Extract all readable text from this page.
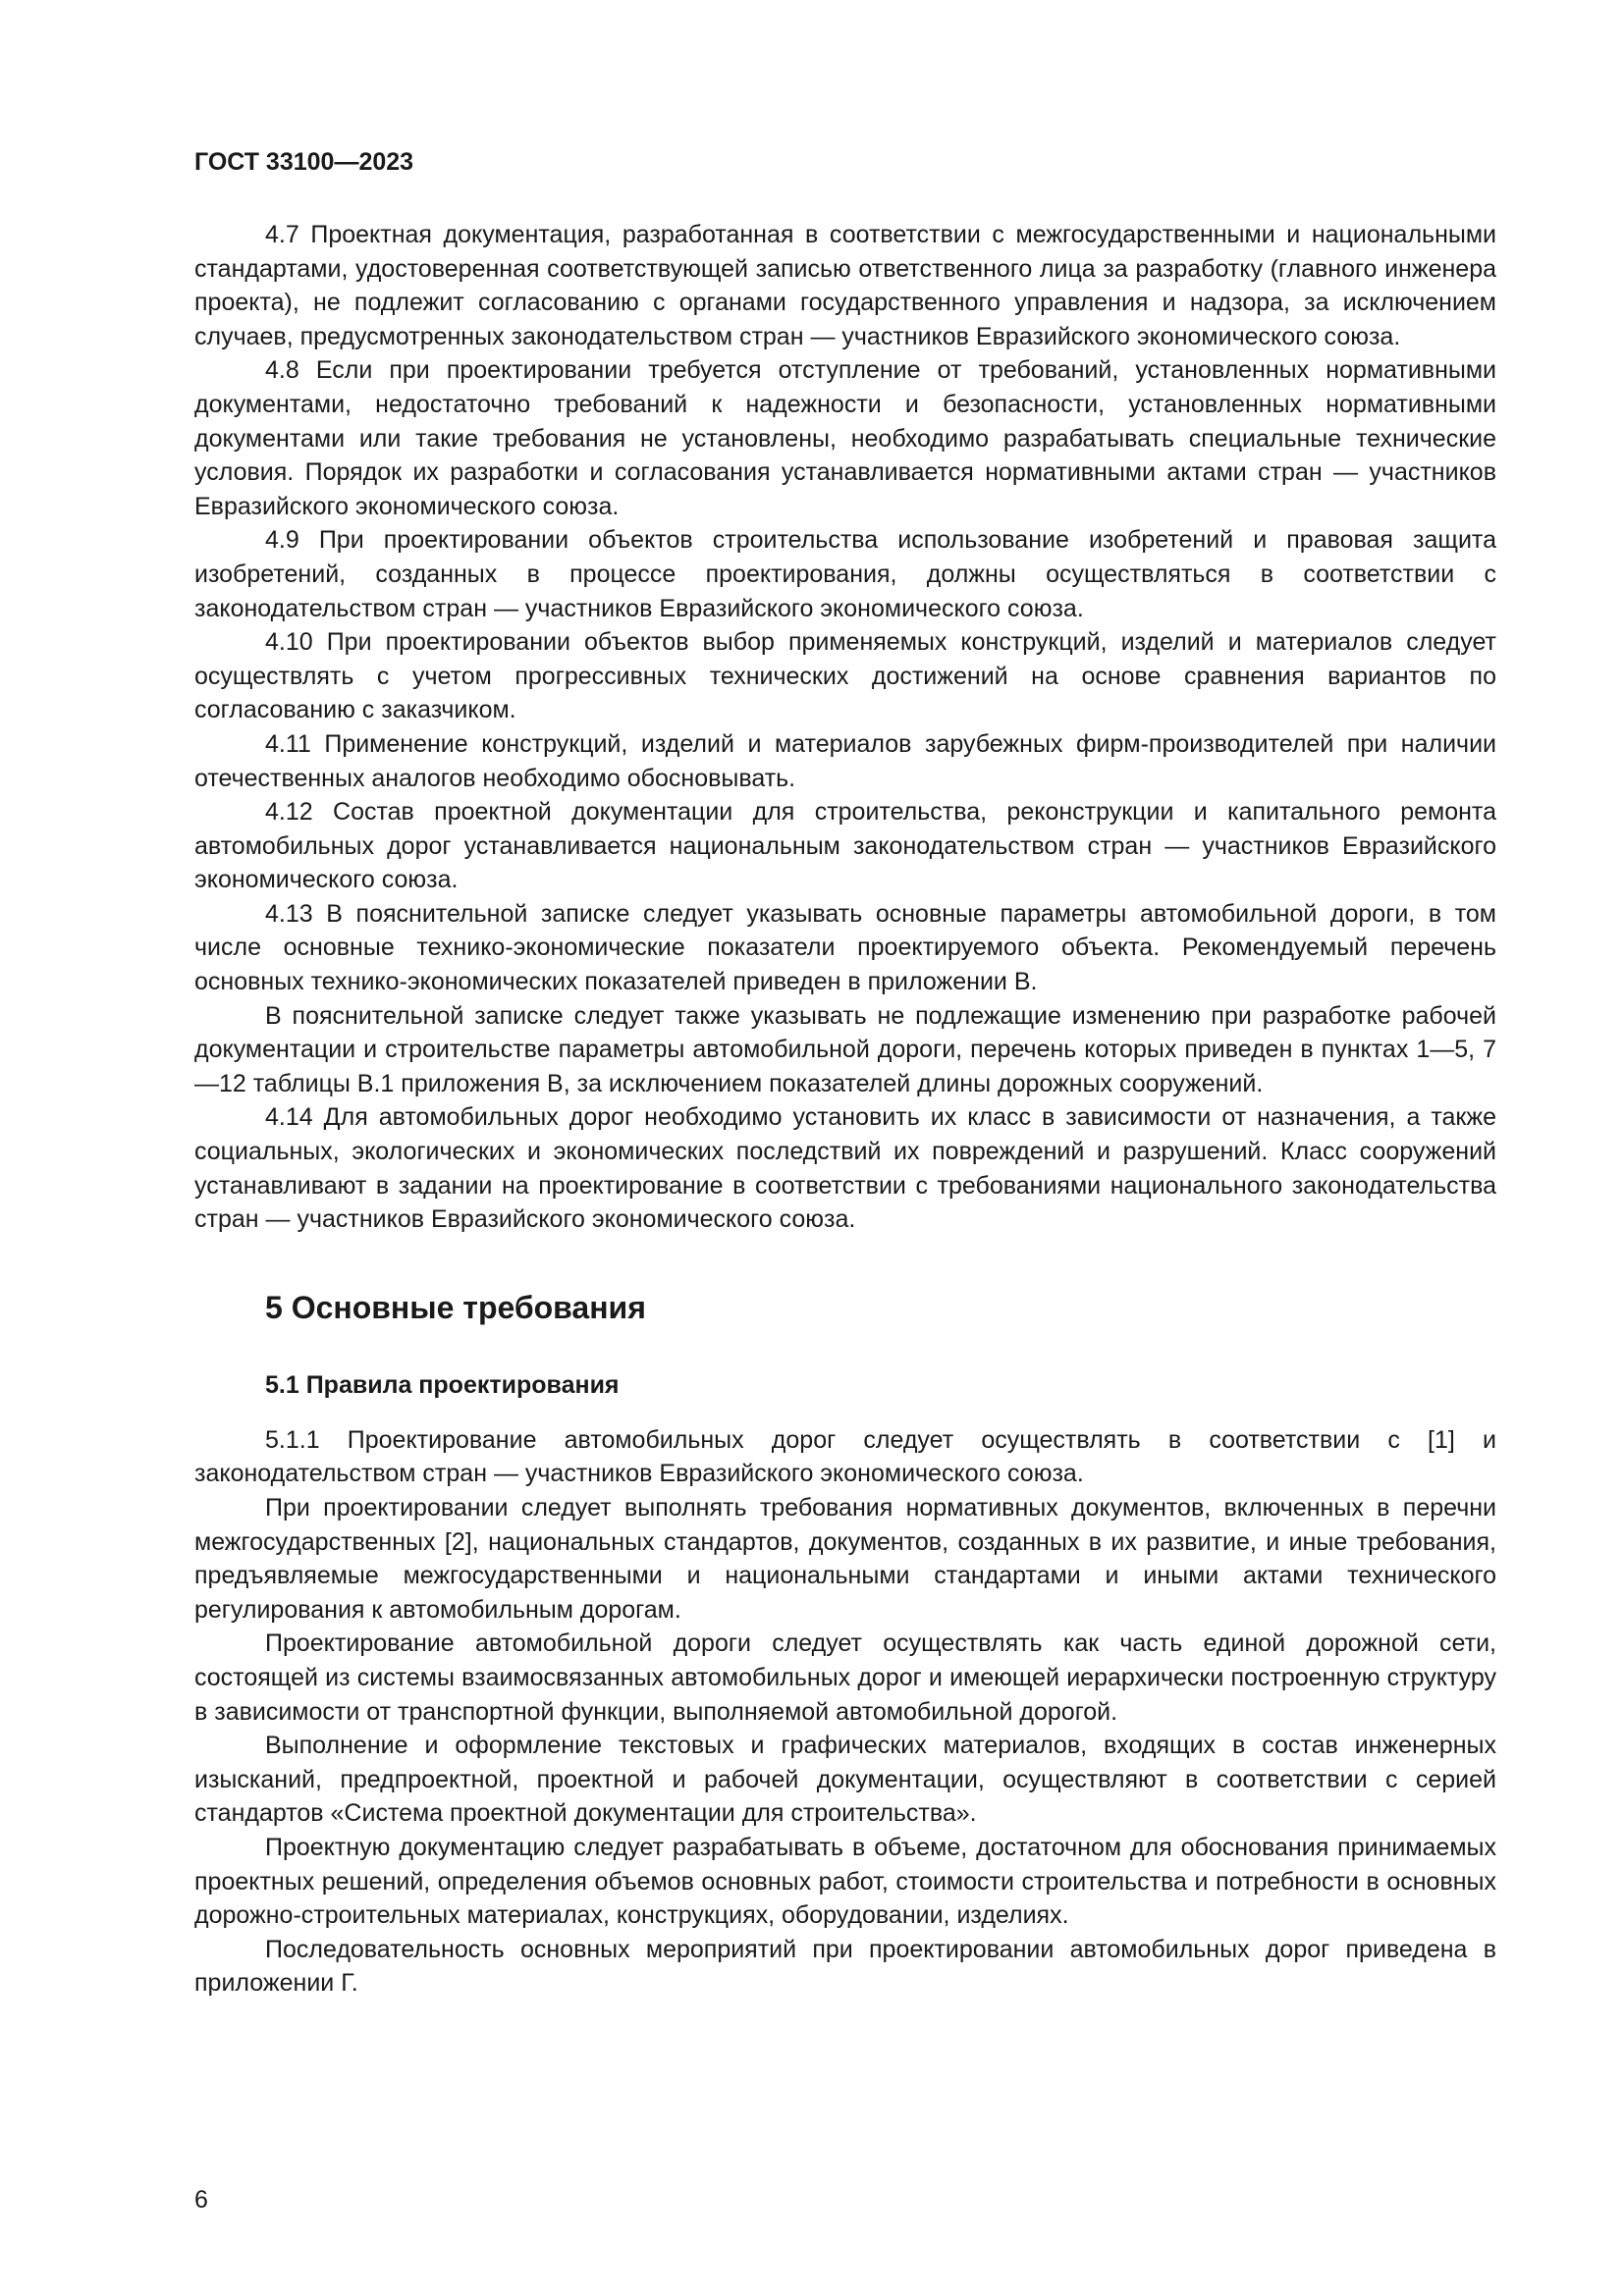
ГОСТ 33100—2023

4.7 Проектная документация, разработанная в соответствии с межгосударственными и национальными стандартами, удостоверенная соответствующей записью ответственного лица за разработку (главного инженера проекта), не подлежит согласованию с органами государственного управления и надзора, за исключением случаев, предусмотренных законодательством стран — участников Евразийского экономического союза.

4.8 Если при проектировании требуется отступление от требований, установленных нормативными документами, недостаточно требований к надежности и безопасности, установленных нормативными документами или такие требования не установлены, необходимо разрабатывать специальные технические условия. Порядок их разработки и согласования устанавливается нормативными актами стран — участников Евразийского экономического союза.

4.9 При проектировании объектов строительства использование изобретений и правовая защита изобретений, созданных в процессе проектирования, должны осуществляться в соответствии с законодательством стран — участников Евразийского экономического союза.

4.10 При проектировании объектов выбор применяемых конструкций, изделий и материалов следует осуществлять с учетом прогрессивных технических достижений на основе сравнения вариантов по согласованию с заказчиком.

4.11 Применение конструкций, изделий и материалов зарубежных фирм-производителей при наличии отечественных аналогов необходимо обосновывать.

4.12 Состав проектной документации для строительства, реконструкции и капитального ремонта автомобильных дорог устанавливается национальным законодательством стран — участников Евразийского экономического союза.

4.13 В пояснительной записке следует указывать основные параметры автомобильной дороги, в том числе основные технико-экономические показатели проектируемого объекта. Рекомендуемый перечень основных технико-экономических показателей приведен в приложении В.

В пояснительной записке следует также указывать не подлежащие изменению при разработке рабочей документации и строительстве параметры автомобильной дороги, перечень которых приведен в пунктах 1—5, 7—12 таблицы В.1 приложения В, за исключением показателей длины дорожных сооружений.

4.14 Для автомобильных дорог необходимо установить их класс в зависимости от назначения, а также социальных, экологических и экономических последствий их повреждений и разрушений. Класс сооружений устанавливают в задании на проектирование в соответствии с требованиями национального законодательства стран — участников Евразийского экономического союза.

5 Основные требования
5.1 Правила проектирования

5.1.1 Проектирование автомобильных дорог следует осуществлять в соответствии с [1] и законодательством стран — участников Евразийского экономического союза.

При проектировании следует выполнять требования нормативных документов, включенных в перечни межгосударственных [2], национальных стандартов, документов, созданных в их развитие, и иные требования, предъявляемые межгосударственными и национальными стандартами и иными актами технического регулирования к автомобильным дорогам.

Проектирование автомобильной дороги следует осуществлять как часть единой дорожной сети, состоящей из системы взаимосвязанных автомобильных дорог и имеющей иерархически построенную структуру в зависимости от транспортной функции, выполняемой автомобильной дорогой.

Выполнение и оформление текстовых и графических материалов, входящих в состав инженерных изысканий, предпроектной, проектной и рабочей документации, осуществляют в соответствии с серией стандартов «Система проектной документации для строительства».

Проектную документацию следует разрабатывать в объеме, достаточном для обоснования принимаемых проектных решений, определения объемов основных работ, стоимости строительства и потребности в основных дорожно-строительных материалах, конструкциях, оборудовании, изделиях.

Последовательность основных мероприятий при проектировании автомобильных дорог приведена в приложении Г.

6
